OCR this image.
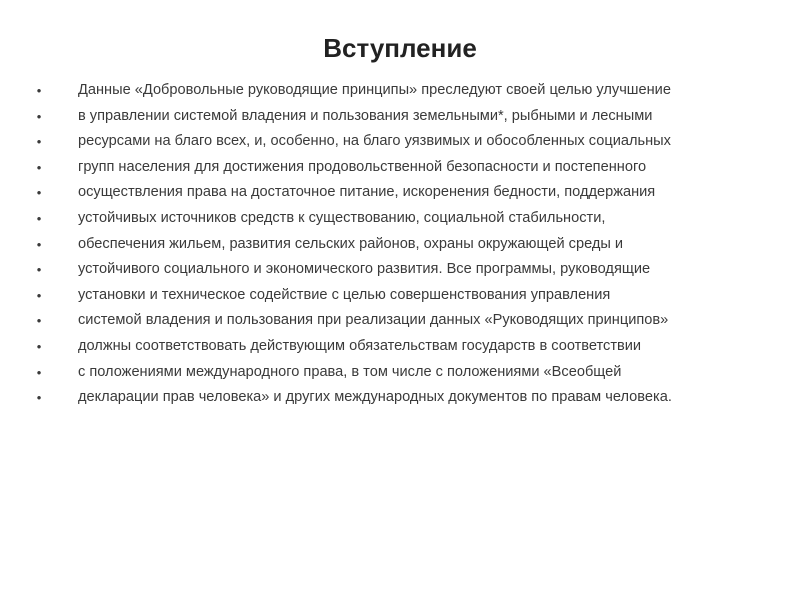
Вступление
•	Данные «Добровольные руководящие принципы» преследуют своей целью улучшение
•	в управлении системой владения и пользования земельными*, рыбными и лесными
•	ресурсами на благо всех, и, особенно, на благо уязвимых и обособленных социальных
•	групп населения для достижения продовольственной безопасности и постепенного
•	осуществления права на достаточное питание, искоренения бедности, поддержания
•	устойчивых источников средств к существованию, социальной стабильности,
•	обеспечения жильем, развития сельских районов, охраны окружающей среды и
•	устойчивого социального и экономического развития. Все программы, руководящие
•	установки и техническое содействие с целью совершенствования управления
•	системой владения и пользования при реализации данных «Руководящих принципов»
•	должны соответствовать действующим обязательствам государств в соответствии
•	с положениями международного права, в том числе с положениями «Всеобщей
•	декларации прав человека» и других международных документов по правам человека.
